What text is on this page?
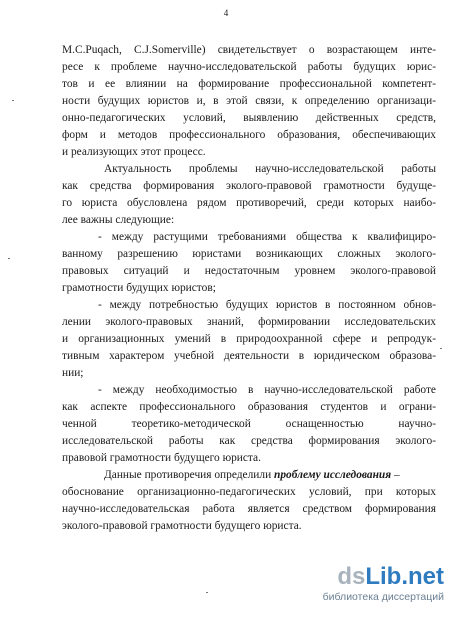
4
M.C.Puqach, C.J.Somerville) свидетельствует о возрастающем инте-
ресе к проблеме научно-исследовательской работы будущих юрис-
тов и ее влиянии на формирование профессиональной компетент-
ности будущих юристов и, в этой связи, к определению организаци-
онно-педагогических условий, выявлению действенных средств,
форм и методов профессионального образования, обеспечивающих
и реализующих этот процесс.
Актуальность проблемы научно-исследовательской работы
как средства формирования эколого-правовой грамотности будуще-
го юриста обусловлена рядом противоречий, среди которых наибо-
лее важны следующие:
- между растущими требованиями общества к квалифициро-
ванному разрешению юристами возникающих сложных эколого-
правовых ситуаций и недостаточным уровнем эколого-правовой
грамотности будущих юристов;
- между потребностью будущих юристов в постоянном обнов-
лении эколого-правовых знаний, формировании исследовательских
и организационных умений в природоохранной сфере и репродук-
тивным характером учебной деятельности в юридическом образова-
нии;
- между необходимостью в научно-исследовательской работе
как аспекте профессионального образования студентов и ограни-
ченной теоретико-методической оснащенностью научно-
исследовательской работы как средства формирования эколого-
правовой грамотности будущего юриста.
Данные противоречия определили проблему исследования –
обоснование организационно-педагогических условий, при которых
научно-исследовательская работа является средством формирования
эколого-правовой грамотности будущего юриста.
dsLib.net
библиотека диссертаций
